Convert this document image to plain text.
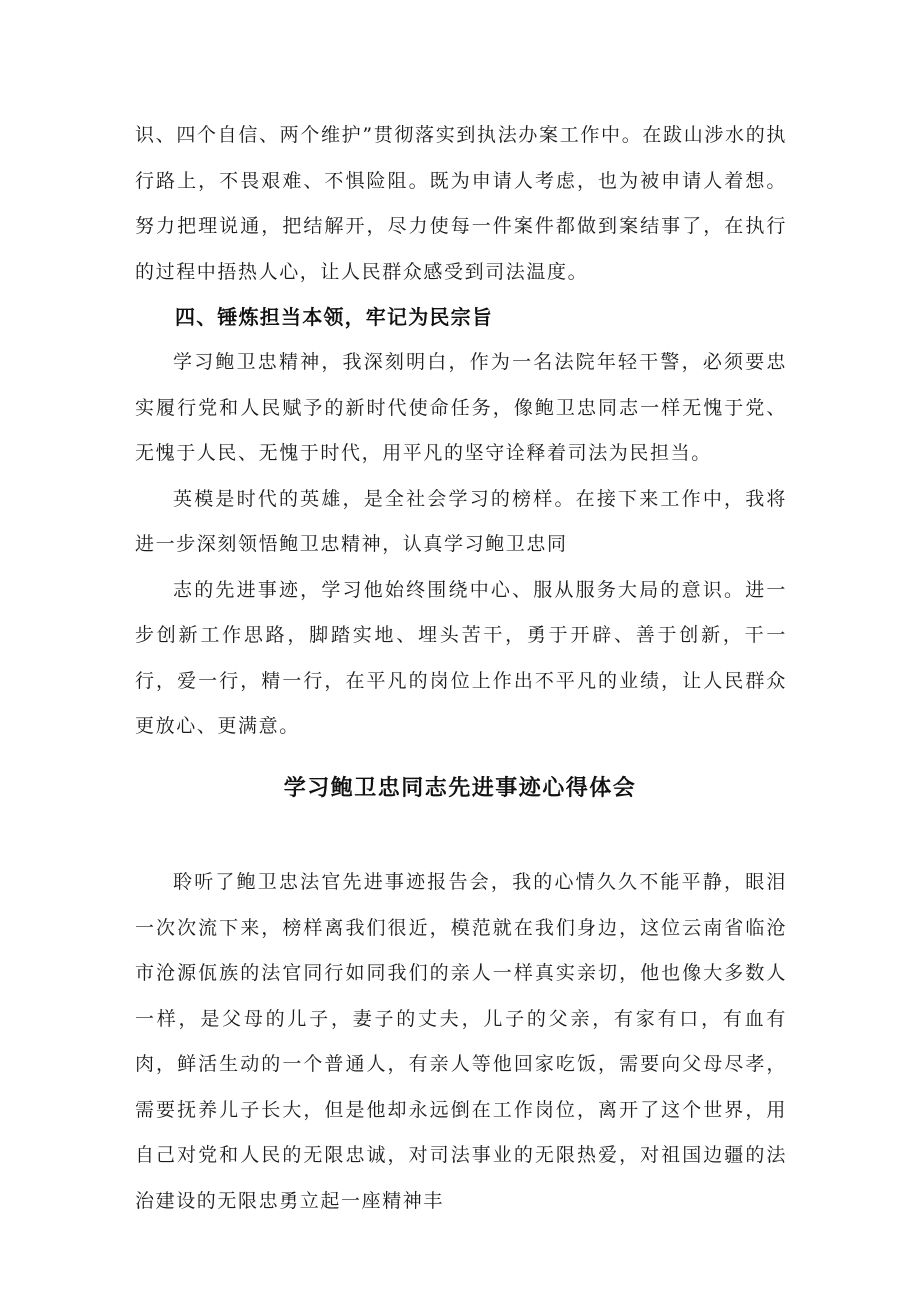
识、四个自信、两个维护”贯彻落实到执法办案工作中。在跋山涉水的执行路上，不畏艰难、不惧险阻。既为申请人考虑，也为被申请人着想。努力把理说通，把结解开，尽力使每一件案件都做到案结事了，在执行的过程中捂热人心，让人民群众感受到司法温度。

四、锤炼担当本领，牢记为民宗旨

学习鲍卫忠精神，我深刻明白，作为一名法院年轻干警，必须要忠实履行党和人民赋予的新时代使命任务，像鲍卫忠同志一样无愧于党、无愧于人民、无愧于时代，用平凡的坚守诠释着司法为民担当。

英模是时代的英雄，是全社会学习的榜样。在接下来工作中，我将进一步深刻领悟鲍卫忠精神，认真学习鲍卫忠同

志的先进事迹，学习他始终围绕中心、服从服务大局的意识。进一步创新工作思路，脚踏实地、埋头苦干，勇于开辟、善于创新，干一行，爱一行，精一行，在平凡的岗位上作出不平凡的业绩，让人民群众更放心、更满意。

学习鲍卫忠同志先进事迹心得体会

聆听了鲍卫忠法官先进事迹报告会，我的心情久久不能平静，眼泪一次次流下来，榜样离我们很近，模范就在我们身边，这位云南省临沧市沧源佤族的法官同行如同我们的亲人一样真实亲切，他也像大多数人一样，是父母的儿子，妻子的丈夫，儿子的父亲，有家有口，有血有肉，鲜活生动的一个普通人，有亲人等他回家吃饭，需要向父母尽孝，需要抚养儿子长大，但是他却永远倒在工作岗位，离开了这个世界，用自己对党和人民的无限忠诚，对司法事业的无限热爱，对祖国边疆的法治建设的无限忠勇立起一座精神丰
